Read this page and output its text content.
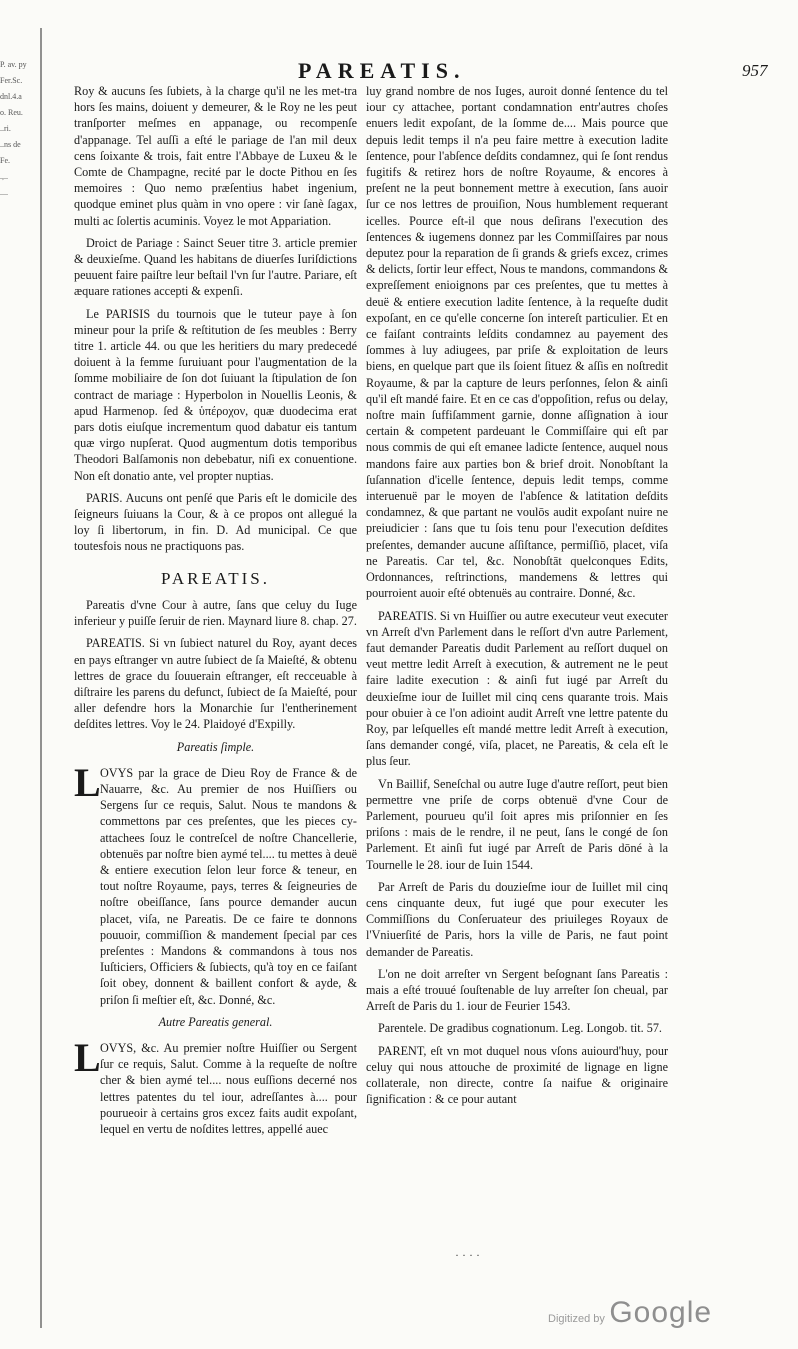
P. av. py
Fer.Sc.
dnl.4.a
o. Reu.
..ri.
..ns de
Fe.
.,..
....
PAREATIS.	957

Roy & aucuns ſes ſubiets, à la charge qu'il ne les met-tra hors ſes mains, doiuent y demeurer, & le Roy ne les peut tranſporter meſmes en appanage, ou recompenſe d'appanage. Tel auſſi a eſté le pariage de l'an mil deux cens ſoixante & trois, fait entre l'Abbaye de Luxeu & le Comte de Champagne, recité par le docte Pithou en ſes memoires : Quo nemo præſentius habet ingenium, quodque eminet plus quàm in vno opere : vir ſanè ſagax, multi ac ſolertis acuminis. Voyez le mot Appariation.

Droict de Pariage : Sainct Seuer titre 3. article premier & deuxieſme. Quand les habitans de diuerſes Iuriſdictions peuuent faire paiſtre leur beſtail l'vn ſur l'autre. Pariare, eſt æquare rationes accepti & expenſi.

Le PARISIS du tournois que le tuteur paye à ſon mineur pour la priſe & reſtitution de ſes meubles : Berry titre 1. article 44. ou que les heritiers du mary predecedé doiuent à la femme ſuruiuant pour l'augmentation de la ſomme mobiliaire de ſon dot ſuiuant la ſtipulation de ſon contract de mariage : Hyperbolon in Nouellis Leonis, & apud Harmenop. ſed & ὑπέροχον, quæ duodecima erat pars dotis eiuſque incrementum quod dabatur eis tantum quæ virgo nupſerat. Quod augmentum dotis temporibus Theodori Balſamonis non debebatur, niſi ex conuentione. Non eſt donatio ante, vel propter nuptias.

PARIS. Aucuns ont penſé que Paris eſt le domicile des ſeigneurs ſuiuans la Cour, & à ce propos ont allegué la loy ſi libertorum, in fin. D. Ad municipal. Ce que toutesfois nous ne practiquons pas.

PAREATIS.

Pareatis d'vne Cour à autre, ſans que celuy du Iuge inferieur y puiſſe ſeruir de rien. Maynard liure 8. chap. 27.

PAREATIS. Si vn ſubiect naturel du Roy, ayant deces en pays eſtranger vn autre ſubiect de ſa Maieſté, & obtenu lettres de grace du ſouuerain eſtranger, eſt recceuable à diſtraire les parens du defunct, ſubiect de ſa Maieſté, pour aller defendre hors la Monarchie ſur l'entherinement deſdites lettres. Voy le 24. Plaidoyé d'Expilly.

Pareatis ſimple.

L OVYS par la grace de Dieu Roy de France & de Nauarre, &c. Au premier de nos Huiſſiers ou Sergens ſur ce requis, Salut. Nous te mandons & commettons par ces preſentes, que les pieces cy-attachees ſouz le contreſcel de noſtre Chancellerie, obtenuës par noſtre bien aymé tel.... tu mettes à deuë & entiere execution ſelon leur force & teneur, en tout noſtre Royaume, pays, terres & ſeigneuries de noſtre obeiſſance, ſans pource demander aucun placet, viſa, ne Pareatis. De ce faire te donnons pouuoir, commiſſion & mandement ſpecial par ces preſentes : Mandons & commandons à tous nos Iuſticiers, Officiers & ſubiects, qu'à toy en ce faiſant ſoit obey, donnent & baillent confort & ayde, & priſon ſi meſtier eſt, &c. Donné, &c.

Autre Pareatis general.

L OVYS, &c. Au premier noſtre Huiſſier ou Sergent ſur ce requis, Salut. Comme à la requeſte de noſtre cher & bien aymé tel.... nous euſſions decerné nos lettres patentes du tel iour, adreſſantes à.... pour pourueoir à certains gros excez faits audit expoſant, lequel en vertu de noſdites lettres, appellé auec

luy grand nombre de nos Iuges, auroit donné ſentence du tel iour cy attachee, portant condamnation entr'autres choſes enuers ledit expoſant, de la ſomme de.... Mais pource que depuis ledit temps il n'a peu faire mettre à execution ladite ſentence, pour l'abſence deſdits condamnez, qui ſe ſont rendus fugitifs & retirez hors de noſtre Royaume, & encores à preſent ne la peut bonnement mettre à execution, ſans auoir ſur ce nos lettres de prouiſion, Nous humblement requerant icelles. Pource eſt-il que nous deſirans l'execution des ſentences & iugemens donnez par les Commiſſaires par nous deputez pour la reparation de ſi grands & griefs excez, crimes & delicts, ſortir leur effect, Nous te mandons, commandons & expreſſement enioignons par ces preſentes, que tu mettes à deuë & entiere execution ladite ſentence, à la requeſte dudit expoſant, en ce qu'elle concerne ſon intereſt particulier. Et en ce faiſant contraints leſdits condamnez au payement des ſommes à luy adiugees, par priſe & exploitation de leurs biens, en quelque part que ils ſoient ſituez & aſſis en noſtredit Royaume, & par la capture de leurs perſonnes, ſelon & ainſi qu'il eſt mandé faire. Et en ce cas d'oppoſition, refus ou delay, noſtre main ſuffiſamment garnie, donne aſſignation à iour certain & competent pardeuant le Commiſſaire qui eſt par nous commis de qui eſt emanee ladicte ſentence, auquel nous mandons faire aux parties bon & brief droit. Nonobſtant la ſuſannation d'icelle ſentence, depuis ledit temps, comme interuenuë par le moyen de l'abſence & latitation deſdits condamnez, & que partant ne voulōs audit expoſant nuire ne preiudicier : ſans que tu ſois tenu pour l'execution deſdites preſentes, demander aucune aſſiſtance, permiſſiō, placet, viſa ne Pareatis. Car tel, &c. Nonobſtāt quelconques Edits, Ordonnances, reſtrinctions, mandemens & lettres qui pourroient auoir eſté obtenuës au contraire. Donné, &c.

PAREATIS. Si vn Huiſſier ou autre executeur veut executer vn Arreſt d'vn Parlement dans le reſſort d'vn autre Parlement, faut demander Pareatis dudit Parlement au reſſort duquel on veut mettre ledit Arreſt à execution, & autrement ne le peut faire ladite execution : & ainſi fut iugé par Arreſt du deuxieſme iour de Iuillet mil cinq cens quarante trois. Mais pour obuier à ce l'on adioint audit Arreſt vne lettre patente du Roy, par leſquelles eſt mandé mettre ledit Arreſt à execution, ſans demander congé, viſa, placet, ne Pareatis, & cela eſt le plus ſeur.

Vn Baillif, Seneſchal ou autre Iuge d'autre reſſort, peut bien permettre vne priſe de corps obtenuë d'vne Cour de Parlement, pourueu qu'il ſoit apres mis priſonnier en ſes priſons : mais de le rendre, il ne peut, ſans le congé de ſon Parlement. Et ainſi fut iugé par Arreſt de Paris dōné à la Tournelle le 28. iour de Iuin 1544.

Par Arreſt de Paris du douzieſme iour de Iuillet mil cinq cens cinquante deux, fut iugé que pour executer les Commiſſions du Conſeruateur des priuileges Royaux de l'Vniuerſité de Paris, hors la ville de Paris, ne faut point demander de Pareatis.

L'on ne doit arreſter vn Sergent beſognant ſans Pareatis : mais a eſté trouué ſouſtenable de luy arreſter ſon cheual, par Arreſt de Paris du 1. iour de Feurier 1543.

Parentele. De gradibus cognationum. Leg. Longob. tit. 57.

PARENT, eſt vn mot duquel nous vſons auiourd'huy, pour celuy qui nous attouche de proximité de lignage en ligne collaterale, non directe, contre ſa naifue & originaire ſignification : & ce pour autant

· · · ·
Digitized by Google
